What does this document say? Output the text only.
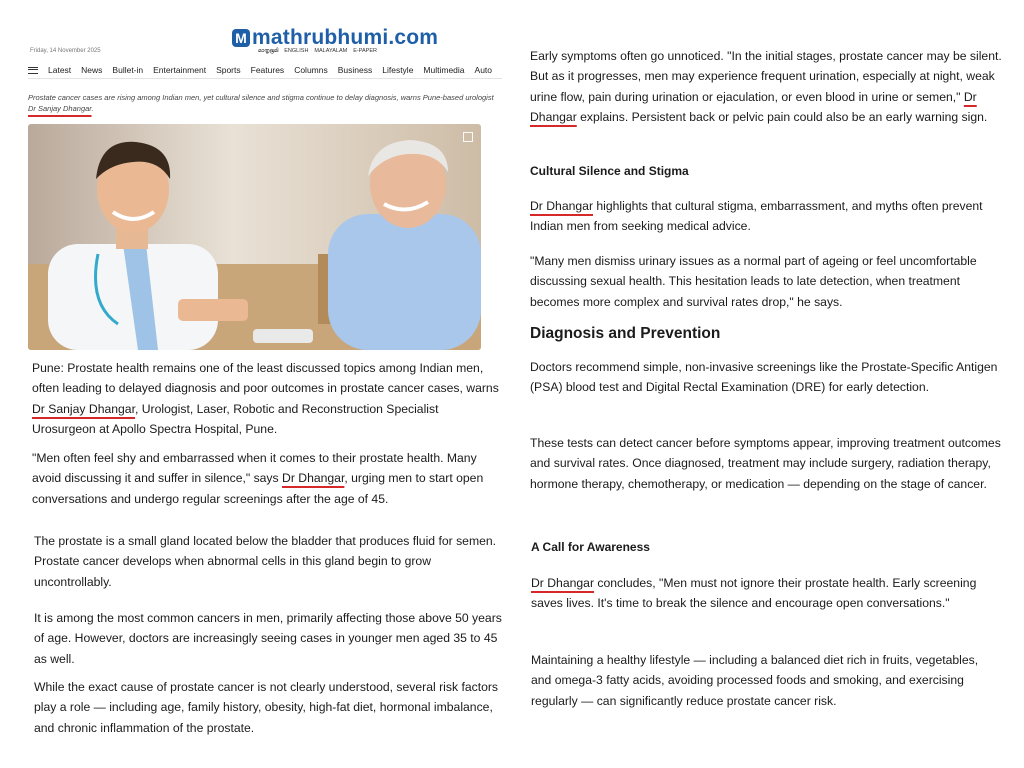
M mathrubhumi.com
Friday, 14 November 2025	മാതൃഭൂമി ENGLISH MALAYALAM E-PAPER
Latest News Bullet-in Entertainment Sports Features Columns Business Lifestyle Multimedia Auto
Prostate cancer cases are rising among Indian men, yet cultural silence and stigma continue to delay diagnosis, warns Pune-based urologist Dr Sanjay Dhangar.

Pune: Prostate health remains one of the least discussed topics among Indian men, often leading to delayed diagnosis and poor outcomes in prostate cancer cases, warns Dr Sanjay Dhangar, Urologist, Laser, Robotic and Reconstruction Specialist Urosurgeon at Apollo Spectra Hospital, Pune.

"Men often feel shy and embarrassed when it comes to their prostate health. Many avoid discussing it and suffer in silence," says Dr Dhangar, urging men to start open conversations and undergo regular screenings after the age of 45.

The prostate is a small gland located below the bladder that produces fluid for semen. Prostate cancer develops when abnormal cells in this gland begin to grow uncontrollably.

It is among the most common cancers in men, primarily affecting those above 50 years of age. However, doctors are increasingly seeing cases in younger men aged 35 to 45 as well.

While the exact cause of prostate cancer is not clearly understood, several risk factors play a role — including age, family history, obesity, high-fat diet, hormonal imbalance, and chronic inflammation of the prostate.

Early symptoms often go unnoticed. "In the initial stages, prostate cancer may be silent. But as it progresses, men may experience frequent urination, especially at night, weak urine flow, pain during urination or ejaculation, or even blood in urine or semen," Dr Dhangar explains. Persistent back or pelvic pain could also be an early warning sign.

Cultural Silence and Stigma

Dr Dhangar highlights that cultural stigma, embarrassment, and myths often prevent Indian men from seeking medical advice.

"Many men dismiss urinary issues as a normal part of ageing or feel uncomfortable discussing sexual health. This hesitation leads to late detection, when treatment becomes more complex and survival rates drop," he says.

Diagnosis and Prevention

Doctors recommend simple, non-invasive screenings like the Prostate-Specific Antigen (PSA) blood test and Digital Rectal Examination (DRE) for early detection.

These tests can detect cancer before symptoms appear, improving treatment outcomes and survival rates. Once diagnosed, treatment may include surgery, radiation therapy, hormone therapy, chemotherapy, or medication — depending on the stage of cancer.

A Call for Awareness

Dr Dhangar concludes, "Men must not ignore their prostate health. Early screening saves lives. It's time to break the silence and encourage open conversations."

Maintaining a healthy lifestyle — including a balanced diet rich in fruits, vegetables, and omega-3 fatty acids, avoiding processed foods and smoking, and exercising regularly — can significantly reduce prostate cancer risk.
